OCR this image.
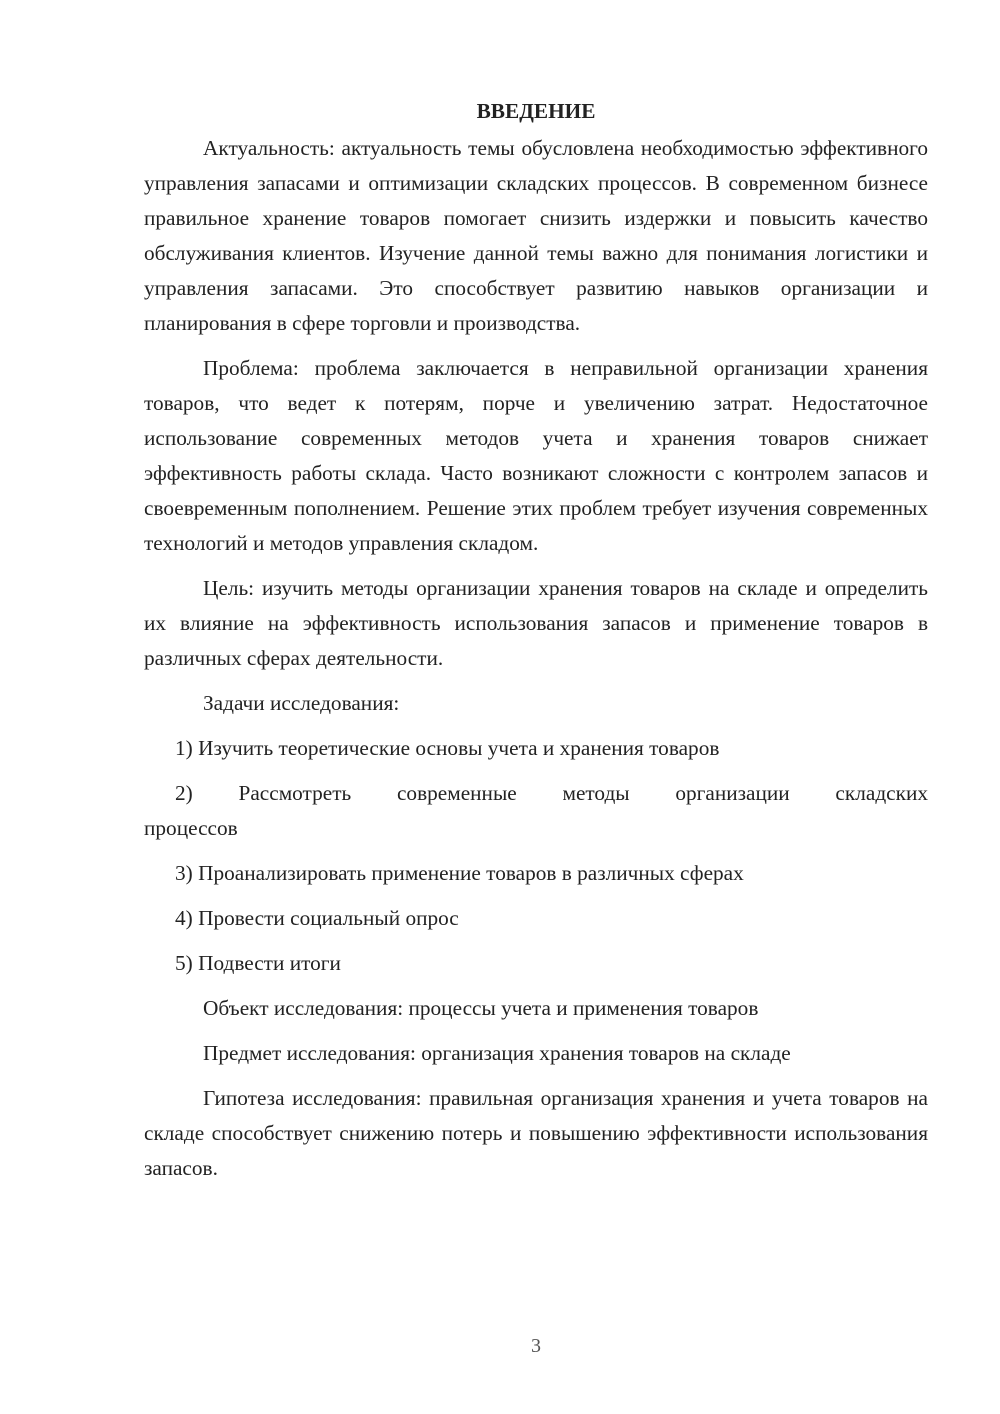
ВВЕДЕНИЕ

Актуальность: актуальность темы обусловлена необходимостью эффективного управления запасами и оптимизации складских процессов. В современном бизнесе правильное хранение товаров помогает снизить издержки и повысить качество обслуживания клиентов. Изучение данной темы важно для понимания логистики и управления запасами. Это способствует развитию навыков организации и планирования в сфере торговли и производства.

Проблема: проблема заключается в неправильной организации хранения товаров, что ведет к потерям, порче и увеличению затрат. Недостаточное использование современных методов учета и хранения товаров снижает эффективность работы склада. Часто возникают сложности с контролем запасов и своевременным пополнением. Решение этих проблем требует изучения современных технологий и методов управления складом.

Цель: изучить методы организации хранения товаров на складе и определить их влияние на эффективность использования запасов и применение товаров в различных сферах деятельности.

Задачи исследования:

1) Изучить теоретические основы учета и хранения товаров

2) Рассмотреть современные методы организации складских процессов

3) Проанализировать применение товаров в различных сферах

4) Провести социальный опрос

5) Подвести итоги

Объект исследования: процессы учета и применения товаров

Предмет исследования: организация хранения товаров на складе

Гипотеза исследования: правильная организация хранения и учета товаров на складе способствует снижению потерь и повышению эффективности использования запасов.

3
